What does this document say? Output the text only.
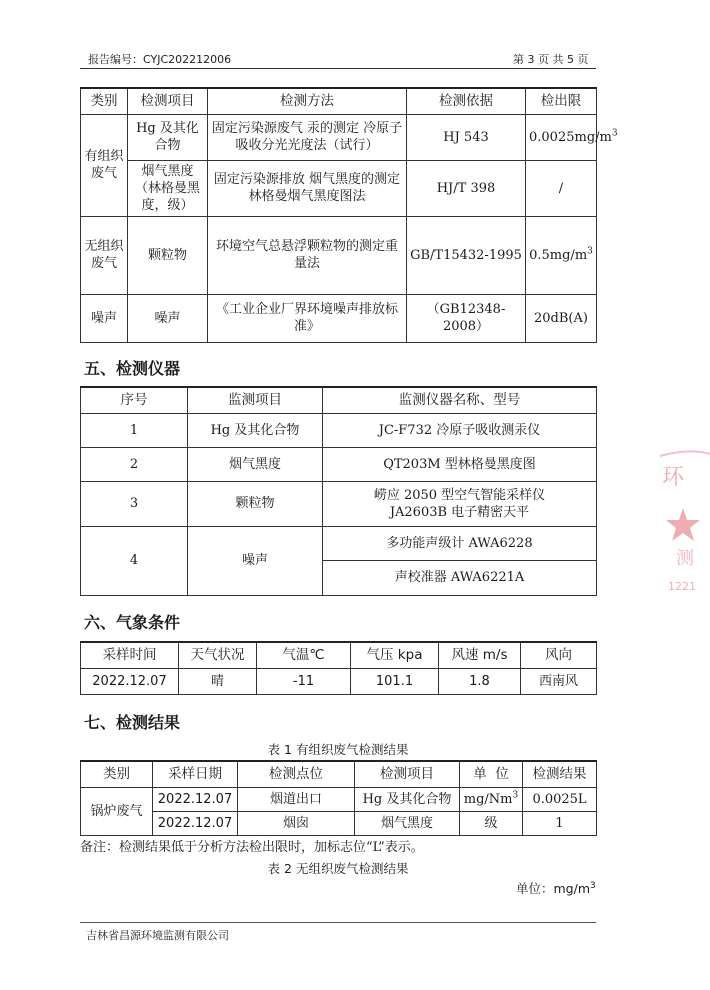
报告编号：CYJC202212006	第 3 页 共 5 页
类别	检测项目	检测方法	检测依据	检出限
有组织废气	Hg 及其化合物	固定污染源废气 汞的测定 冷原子吸收分光光度法（试行）	HJ 543	$0.0025mg/m^3$
	烟气黑度（林格曼黑度，级）	固定污染源排放 烟气黑度的测定 林格曼烟气黑度图法	HJ/T 398	/
无组织废气	颗粒物	环境空气总悬浮颗粒物的测定重量法	GB/T15432-1995	$0.5mg/m^3$
噪声	噪声	《工业企业厂界环境噪声排放标准》	（GB12348-2008）	20dB(A)
五、检测仪器
序号	监测项目	监测仪器名称、型号
1	Hg 及其化合物	JC-F732 冷原子吸收测汞仪
2	烟气黑度	QT203M 型林格曼黑度图
3	颗粒物	崂应 2050 型空气智能采样仪
JA2603B 电子精密天平

4	噪声	多功能声级计 AWA6228
		声校准器 AWA6221A
六、气象条件
采样时间	天气状况	气温℃	气压 kpa	风速 m/s	风向
2022.12.07	晴	-11	101.1	1.8	西南风
七、检测结果
表 1 有组织废气检测结果
类别	采样日期	检测点位	检测项目	单  位	检测结果
锅炉废气	2022.12.07	烟道出口	Hg 及其化合物	mg/Nm$^3$	0.0025L
	2022.12.07	烟囱	烟气黑度	级	1
备注：检测结果低于分析方法检出限时，加标志位“L”表示。
表 2 无组织废气检测结果
单位：$mg/m^3$
吉林省昌源环境监测有限公司
环
测
1221
